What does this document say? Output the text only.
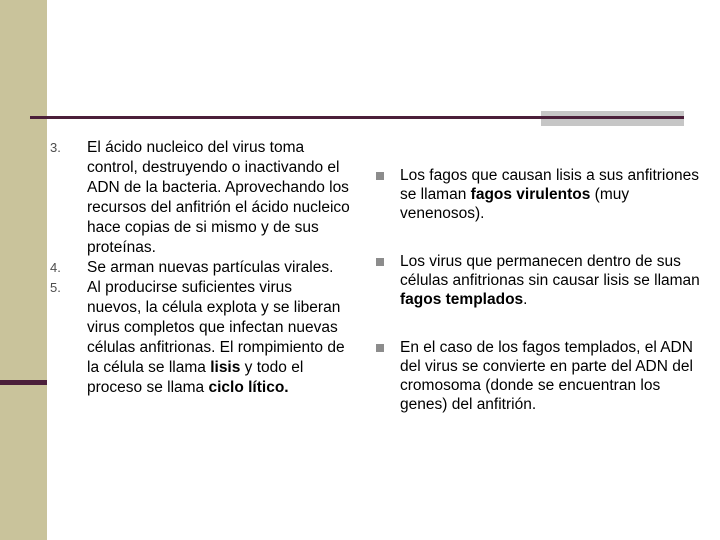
3. El ácido nucleico del virus toma control, destruyendo o inactivando el ADN de la bacteria. Aprovechando los recursos del anfitrión el ácido nucleico hace copias de si mismo y de sus proteínas.
4. Se arman nuevas partículas virales.
5. Al producirse suficientes virus nuevos, la célula explota y se liberan virus completos que infectan nuevas células anfitrionas. El rompimiento de la célula se llama lisis y todo el proceso se llama ciclo lítico.
Los fagos que causan lisis a sus anfitriones se llaman fagos virulentos (muy venenosos).
Los virus que permanecen dentro de sus células anfitrionas sin causar lisis se llaman fagos templados.
En el caso de los fagos templados, el ADN del virus se convierte en parte del ADN del cromosoma (donde se encuentran los genes) del anfitrión.
